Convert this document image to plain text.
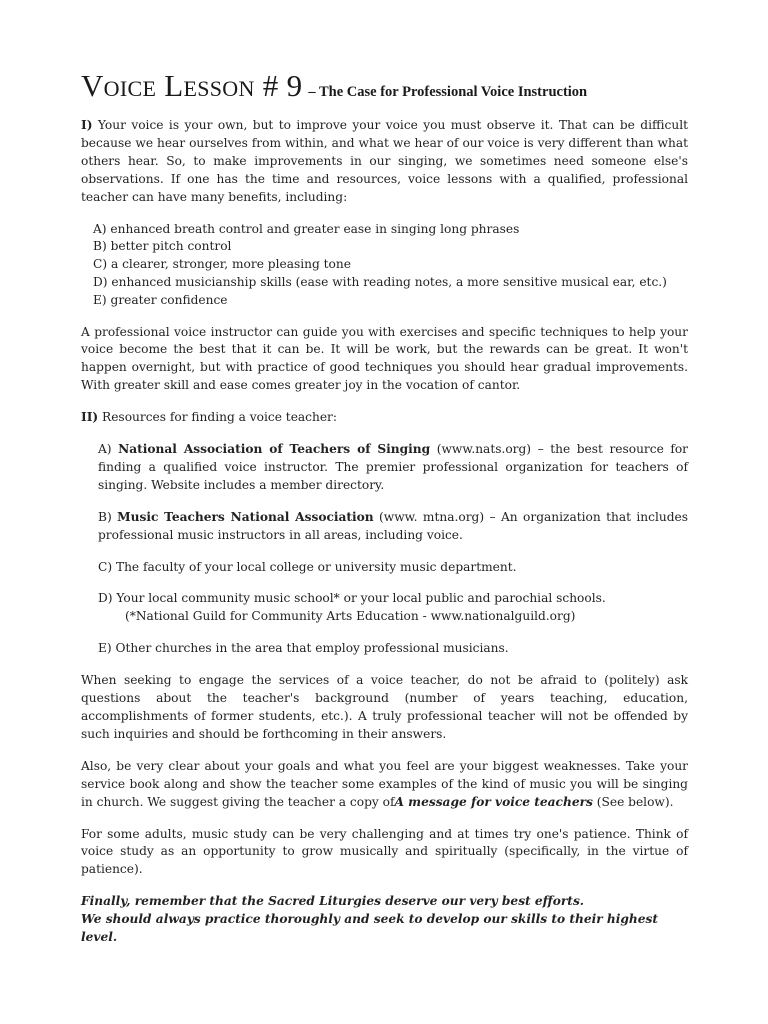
Voice Lesson # 9 – The Case for Professional Voice Instruction

I) Your voice is your own, but to improve your voice you must observe it. That can be difficult because we hear ourselves from within, and what we hear of our voice is very different than what others hear. So, to make improvements in our singing, we sometimes need someone else's observations. If one has the time and resources, voice lessons with a qualified, professional teacher can have many benefits, including:

A) enhanced breath control and greater ease in singing long phrases
B) better pitch control
C) a clearer, stronger, more pleasing tone
D) enhanced musicianship skills (ease with reading notes, a more sensitive musical ear, etc.)
E) greater confidence

A professional voice instructor can guide you with exercises and specific techniques to help your voice become the best that it can be. It will be work, but the rewards can be great. It won't happen overnight, but with practice of good techniques you should hear gradual improvements. With greater skill and ease comes greater joy in the vocation of cantor.

II) Resources for finding a voice teacher:

A) National Association of Teachers of Singing (www.nats.org) – the best resource for finding a qualified voice instructor. The premier professional organization for teachers of singing. Website includes a member directory.

B) Music Teachers National Association (www. mtna.org) – An organization that includes professional music instructors in all areas, including voice.

C) The faculty of your local college or university music department.

D) Your local community music school* or your local public and parochial schools.
(*National Guild for Community Arts Education - www.nationalguild.org)

E) Other churches in the area that employ professional musicians.

When seeking to engage the services of a voice teacher, do not be afraid to (politely) ask questions about the teacher's background (number of years teaching, education, accomplishments of former students, etc.). A truly professional teacher will not be offended by such inquiries and should be forthcoming in their answers.

Also, be very clear about your goals and what you feel are your biggest weaknesses. Take your service book along and show the teacher some examples of the kind of music you will be singing in church. We suggest giving the teacher a copy ofA message for voice teachers (See below).

For some adults, music study can be very challenging and at times try one's patience. Think of voice study as an opportunity to grow musically and spiritually (specifically, in the virtue of patience).

Finally, remember that the Sacred Liturgies deserve our very best efforts.
We should always practice thoroughly and seek to develop our skills to their highest level.
